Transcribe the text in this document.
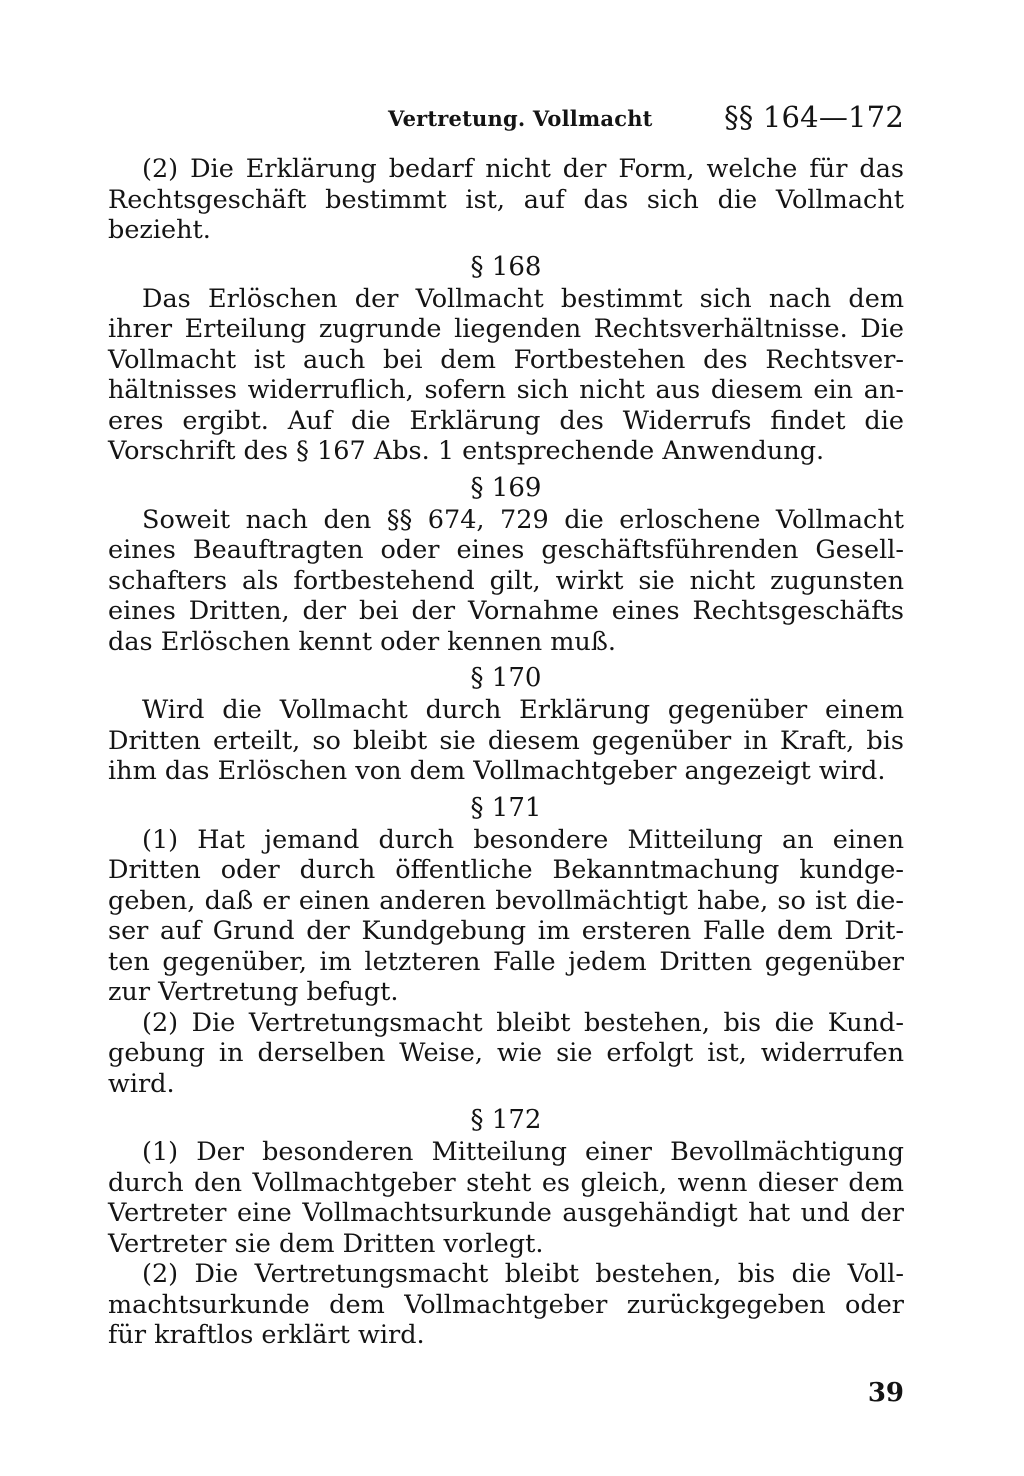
Vertretung. Vollmacht §§ 164—172

(2) Die Erklärung bedarf nicht der Form, welche für das Rechtsgeschäft bestimmt ist, auf das sich die Vollmacht bezieht.

§ 168

Das Erlöschen der Vollmacht bestimmt sich nach dem ihrer Erteilung zugrunde liegenden Rechtsverhältnisse. Die Vollmacht ist auch bei dem Fortbestehen des Rechtsverhältnisses widerruflich, sofern sich nicht aus diesem ein aneres ergibt. Auf die Erklärung des Widerrufs findet die Vorschrift des § 167 Abs. 1 entsprechende Anwendung.

§ 169

Soweit nach den §§ 674, 729 die erloschene Vollmacht eines Beauftragten oder eines geschäftsführenden Gesellschafters als fortbestehend gilt, wirkt sie nicht zugunsten eines Dritten, der bei der Vornahme eines Rechtsgeschäfts das Erlöschen kennt oder kennen muß.

§ 170

Wird die Vollmacht durch Erklärung gegenüber einem Dritten erteilt, so bleibt sie diesem gegenüber in Kraft, bis ihm das Erlöschen von dem Vollmachtgeber angezeigt wird.

§ 171

(1) Hat jemand durch besondere Mitteilung an einen Dritten oder durch öffentliche Bekanntmachung kundgegeben, daß er einen anderen bevollmächtigt habe, so ist dieser auf Grund der Kundgebung im ersteren Falle dem Dritten gegenüber, im letzteren Falle jedem Dritten gegenüber zur Vertretung befugt.

(2) Die Vertretungsmacht bleibt bestehen, bis die Kundgebung in derselben Weise, wie sie erfolgt ist, widerrufen wird.

§ 172

(1) Der besonderen Mitteilung einer Bevollmächtigung durch den Vollmachtgeber steht es gleich, wenn dieser dem Vertreter eine Vollmachtsurkunde ausgehändigt hat und der Vertreter sie dem Dritten vorlegt.

(2) Die Vertretungsmacht bleibt bestehen, bis die Vollmachtsurkunde dem Vollmachtgeber zurückgegeben oder für kraftlos erklärt wird.

39
